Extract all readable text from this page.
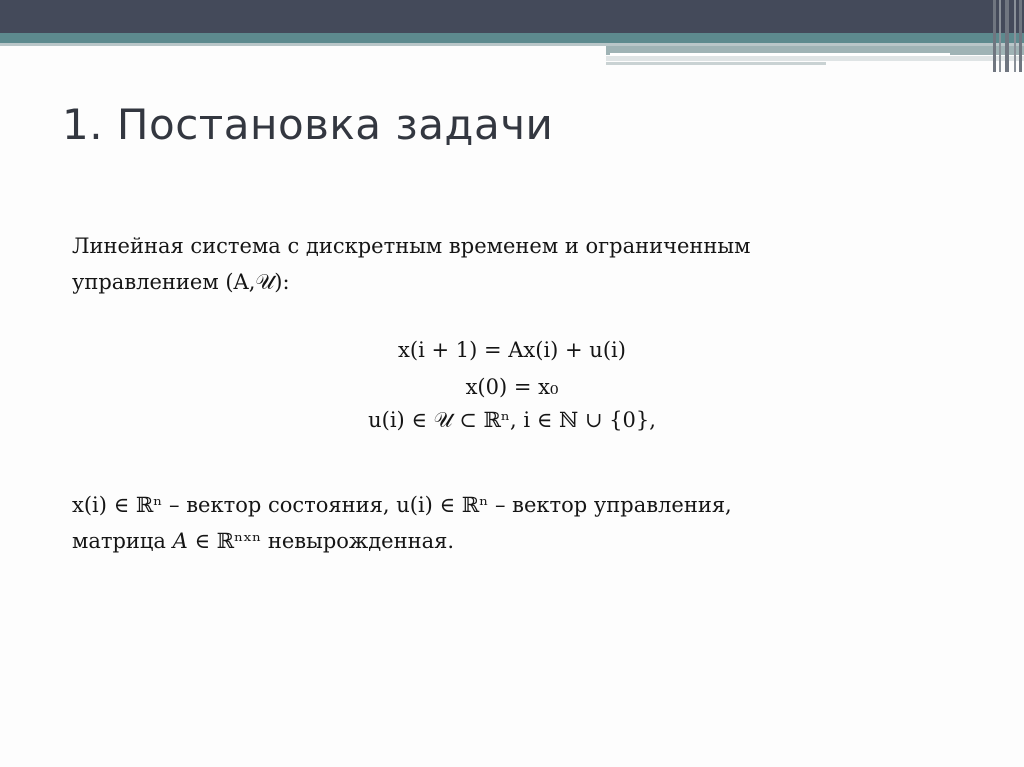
1. Постановка задачи
Линейная система с дискретным временем и ограниченным
управлением (A,𝒰):
x(i + 1) = Ax(i) + u(i)
x(0) = x₀
u(i) ∈ 𝒰 ⊂ ℝⁿ, i ∈ ℕ ∪ {0},
x(i) ∈ ℝⁿ – вектор состояния, u(i) ∈ ℝⁿ – вектор управления,
матрица 𝐴 ∈ ℝⁿˣⁿ невырожденная.
